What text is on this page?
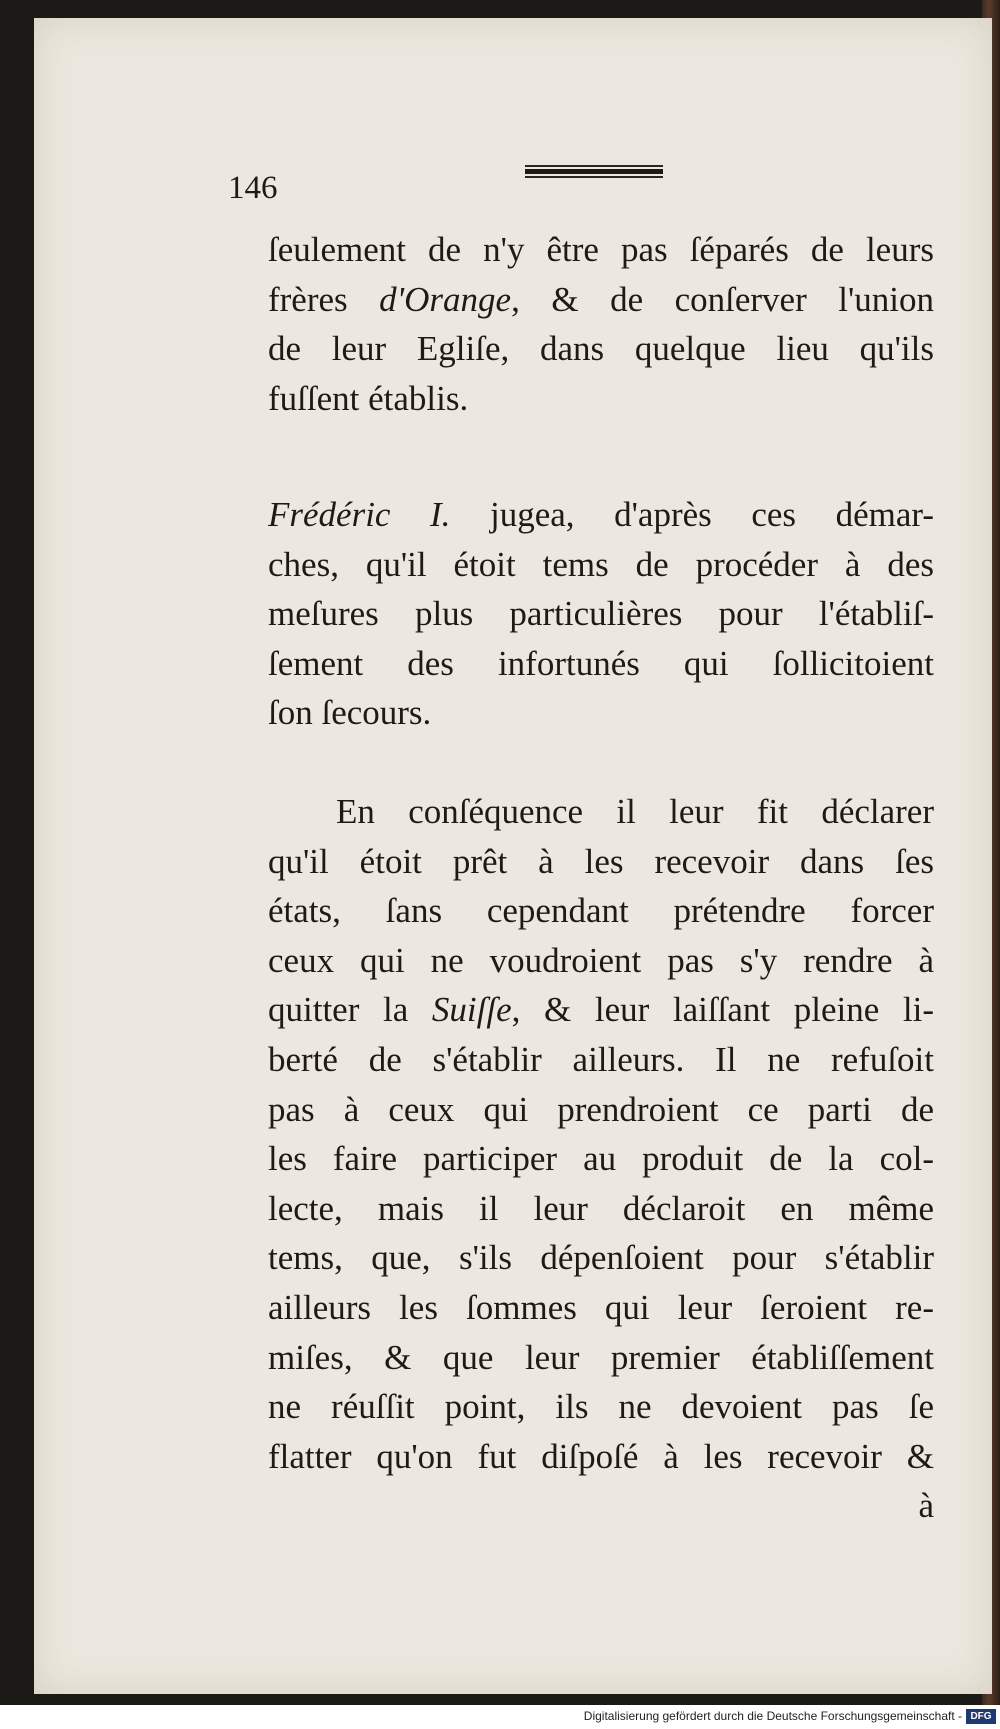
146
ſeulement de n'y être pas ſéparés de leurs
frères d'Orange, & de conſerver l'union
de leur Egliſe, dans quelque lieu qu'ils
fuſſent établis.
Frédéric I. jugea, d'après ces démar-
ches, qu'il étoit tems de procéder à des
meſures plus particulières pour l'établiſ-
ſement des infortunés qui ſollicitoient
ſon ſecours.
En conſéquence il leur fit déclarer
qu'il étoit prêt à les recevoir dans ſes
états, ſans cependant prétendre forcer
ceux qui ne voudroient pas s'y rendre à
quitter la Suiſſe, & leur laiſſant pleine li-
berté de s'établir ailleurs. Il ne refuſoit
pas à ceux qui prendroient ce parti de
les faire participer au produit de la col-
lecte, mais il leur déclaroit en même
tems, que, s'ils dépenſoient pour s'établir
ailleurs les ſommes qui leur ſeroient re-
miſes, & que leur premier établiſſement
ne réuſſit point, ils ne devoient pas ſe
flatter qu'on fut diſpoſé à les recevoir &
à
Digitalisierung gefördert durch die Deutsche Forschungsgemeinschaft - DFG
